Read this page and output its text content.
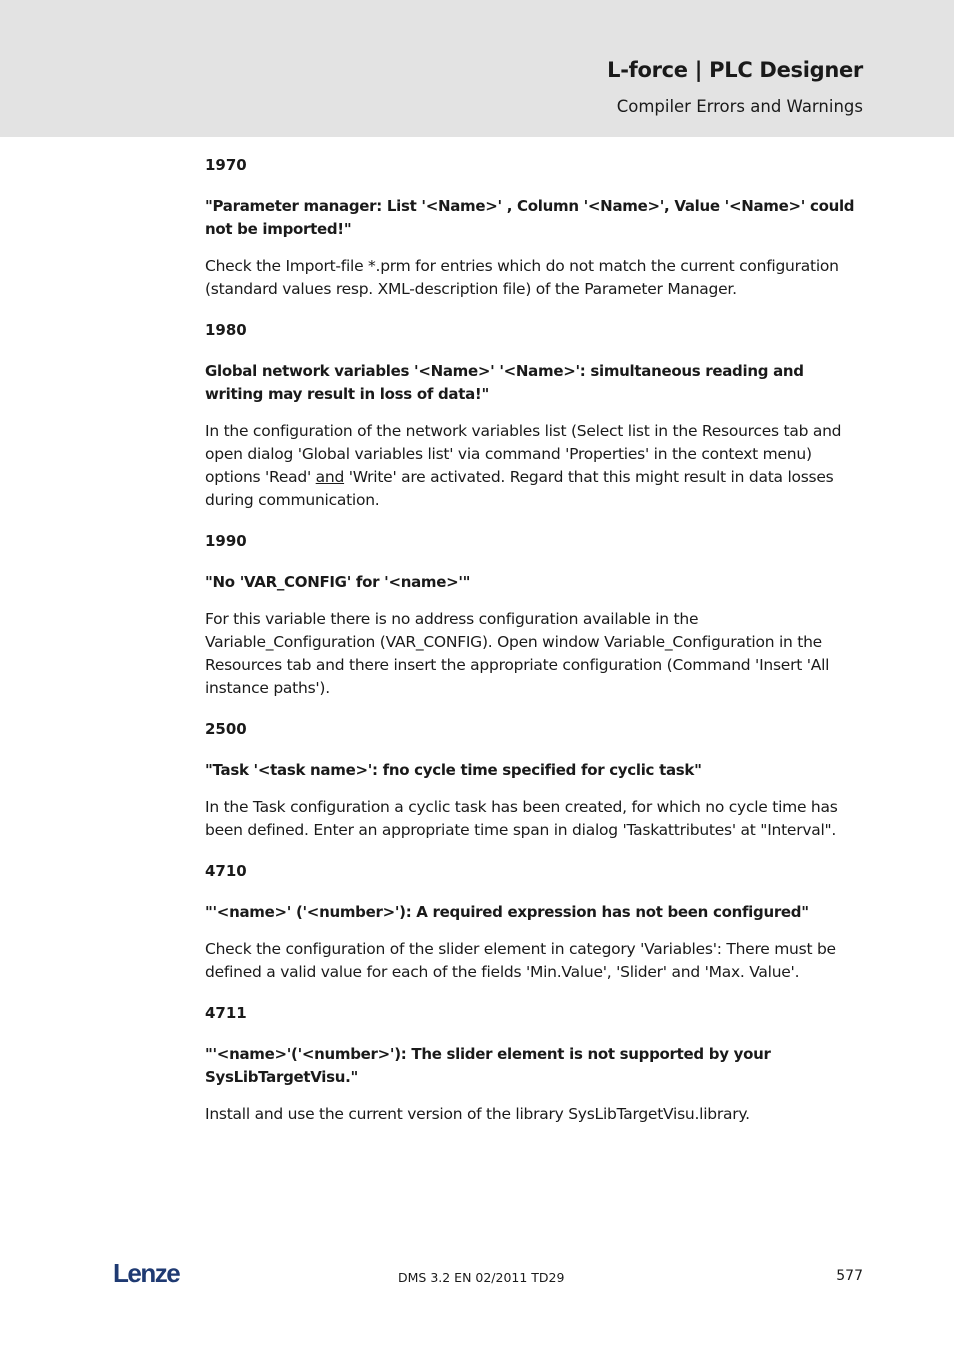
L-force | PLC Designer
Compiler Errors and Warnings

1970

"Parameter manager: List '<Name>' , Column '<Name>', Value '<Name>' could not be imported!"

Check the Import-file *.prm for entries which do not match the current configuration (standard values resp. XML-description file) of the Parameter Manager.

1980

Global network variables '<Name>' '<Name>': simultaneous reading and writing may result in loss of data!"

In the configuration of the network variables list (Select list in the Resources tab and open dialog 'Global variables list' via command 'Properties' in the context menu) options 'Read' and 'Write' are activated. Regard that this might result in data losses during communication.

1990

"No 'VAR_CONFIG' for '<name>'"

For this variable there is no address configuration available in the Variable_Configuration (VAR_CONFIG). Open window Variable_Configuration in the Resources tab and there insert the appropriate configuration (Command 'Insert 'All instance paths').

2500

"Task '<task name>': fno cycle time specified for cyclic task"

In the Task configuration a cyclic task has been created, for which no cycle time has been defined. Enter an appropriate time span in dialog 'Taskattributes' at "Interval".

4710

"'<name>' ('<number>'): A required expression has not been configured"

Check the configuration of the slider element in category 'Variables': There must be defined a valid value for each of the fields 'Min.Value', 'Slider' and 'Max. Value'.

4711

"'<name>'('<number>'): The slider element is not supported by your SysLibTargetVisu."

Install and use the current version of the library SysLibTargetVisu.library.

Lenze	DMS 3.2 EN 02/2011 TD29	577
